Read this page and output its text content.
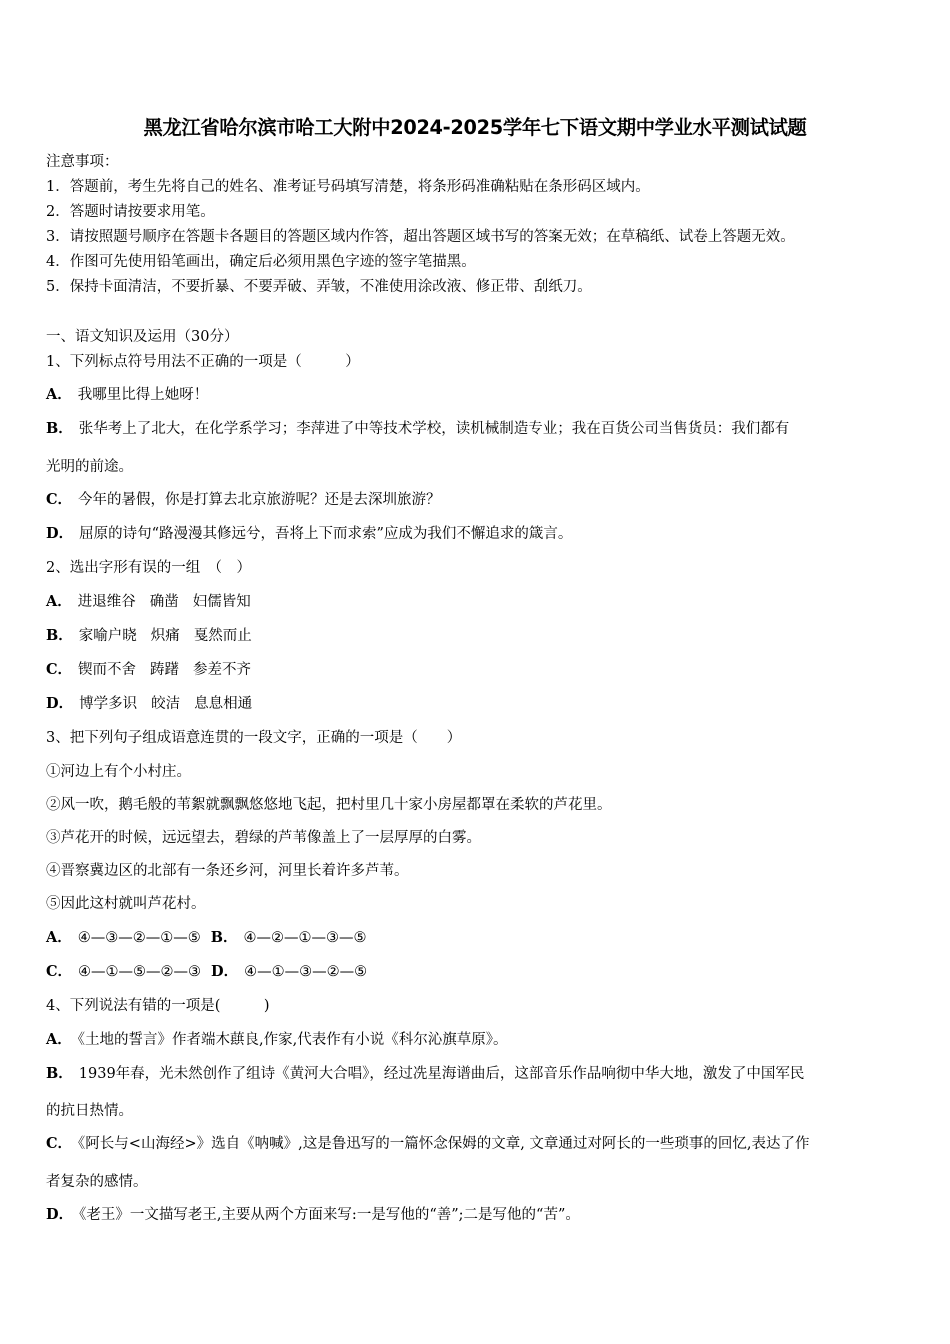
黑龙江省哈尔滨市哈工大附中2024-2025学年七下语文期中学业水平测试试题
注意事项：
1．答题前，考生先将自己的姓名、准考证号码填写清楚，将条形码准确粘贴在条形码区域内。
2．答题时请按要求用笔。
3．请按照题号顺序在答题卡各题目的答题区域内作答，超出答题区域书写的答案无效；在草稿纸、试卷上答题无效。
4．作图可先使用铅笔画出，确定后必须用黑色字迹的签字笔描黑。
5．保持卡面清洁，不要折暴、不要弄破、弄皱，不准使用涂改液、修正带、刮纸刀。
一、语文知识及运用（30分）
1、下列标点符号用法不正确的一项是（　　　）
A． 我哪里比得上她呀！
B． 张华考上了北大，在化学系学习；李萍进了中等技术学校，读机械制造专业；我在百货公司当售货员：我们都有
光明的前途。
C． 今年的暑假，你是打算去北京旅游呢？还是去深圳旅游？
D． 屈原的诗句“路漫漫其修远兮，吾将上下而求索”应成为我们不懈追求的箴言。
2、选出字形有误的一组　（　）
A． 进退维谷 确凿 妇儒皆知
B． 家喻户晓 炽痛 戛然而止
C． 锲而不舍 踌躇 参差不齐
D． 博学多识 皎洁 息息相通
3、把下列句子组成语意连贯的一段文字，正确的一项是（　　）
①河边上有个小村庄。
②风一吹，鹅毛般的苇絮就飘飘悠悠地飞起，把村里几十家小房屋都罩在柔软的芦花里。
③芦花开的时候，远远望去，碧绿的芦苇像盖上了一层厚厚的白雾。
④晋察冀边区的北部有一条还乡河，河里长着许多芦苇。
⑤因此这村就叫芦花村。
A． ④—③—②—①—⑤ B． ④—②—①—③—⑤
C． ④—①—⑤—②—③ D． ④—①—③—②—⑤
4、下列说法有错的一项是(　　　)
A． 《土地的誓言》作者端木蕻良,作家,代表作有小说《科尔沁旗草原》。
B． 1939年春，光未然创作了组诗《黄河大合唱》，经过冼星海谱曲后，这部音乐作品响彻中华大地，激发了中国军民
的抗日热情。
C． 《阿长与<山海经>》选自《呐喊》,这是鲁迅写的一篇怀念保姆的文章, 文章通过对阿长的一些琐事的回忆,表达了作
者复杂的感情。
D． 《老王》一文描写老王,主要从两个方面来写:一是写他的“善”;二是写他的“苦”。
